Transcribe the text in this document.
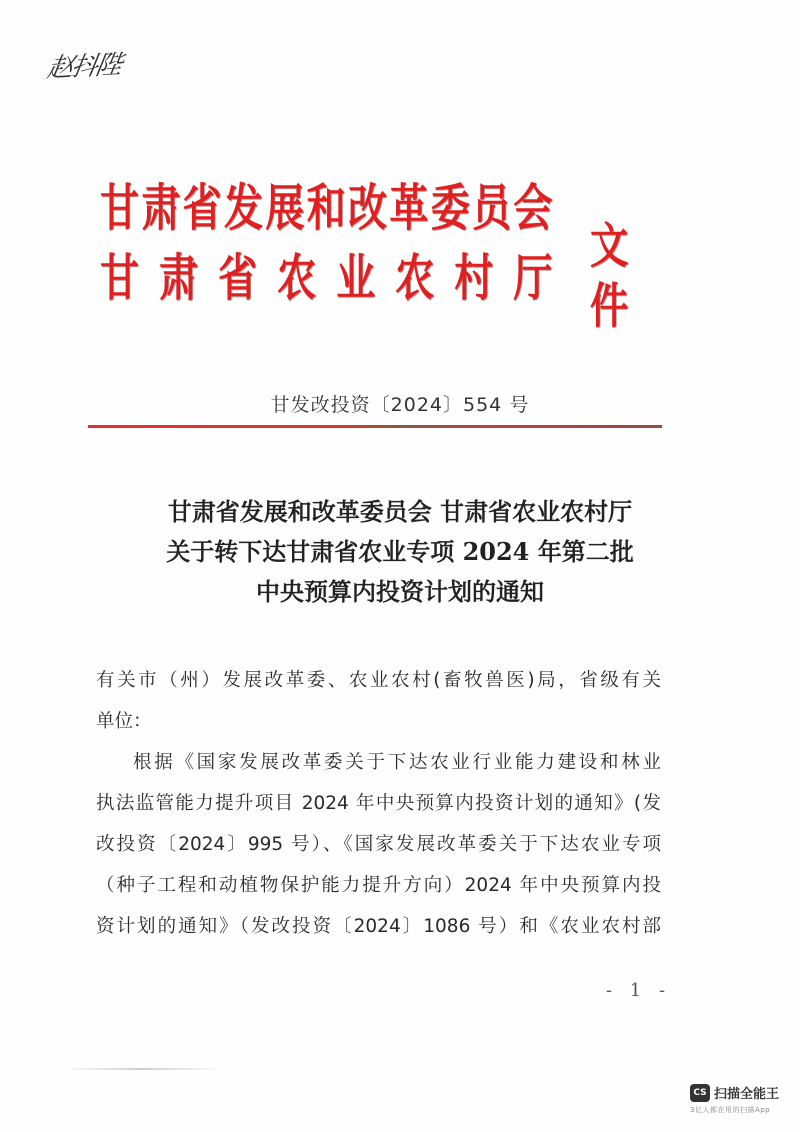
赵抖陛
甘 肃 省 发 展 和 改 革 委 员 会
甘 肃 省 农 业 农 村 厅
文件
甘发改投资〔2024〕554 号
甘肃省发展和改革委员会 甘肃省农业农村厅
关于转下达甘肃省农业专项 2024 年第二批
中央预算内投资计划的通知

有关市（州）发展改革委、农业农村(畜牧兽医)局，省级有关

单位：

根据《国家发展改革委关于下达农业行业能力建设和林业

执法监管能力提升项目 2024 年中央预算内投资计划的通知》(发

改投资〔2024〕995 号）、《国家发展改革委关于下达农业专项

（种子工程和动植物保护能力提升方向）2024 年中央预算内投

资计划的通知》（发改投资〔2024〕1086 号）和《农业农村部

- 1 -
CS 扫描全能王
3亿人都在用的扫描App
